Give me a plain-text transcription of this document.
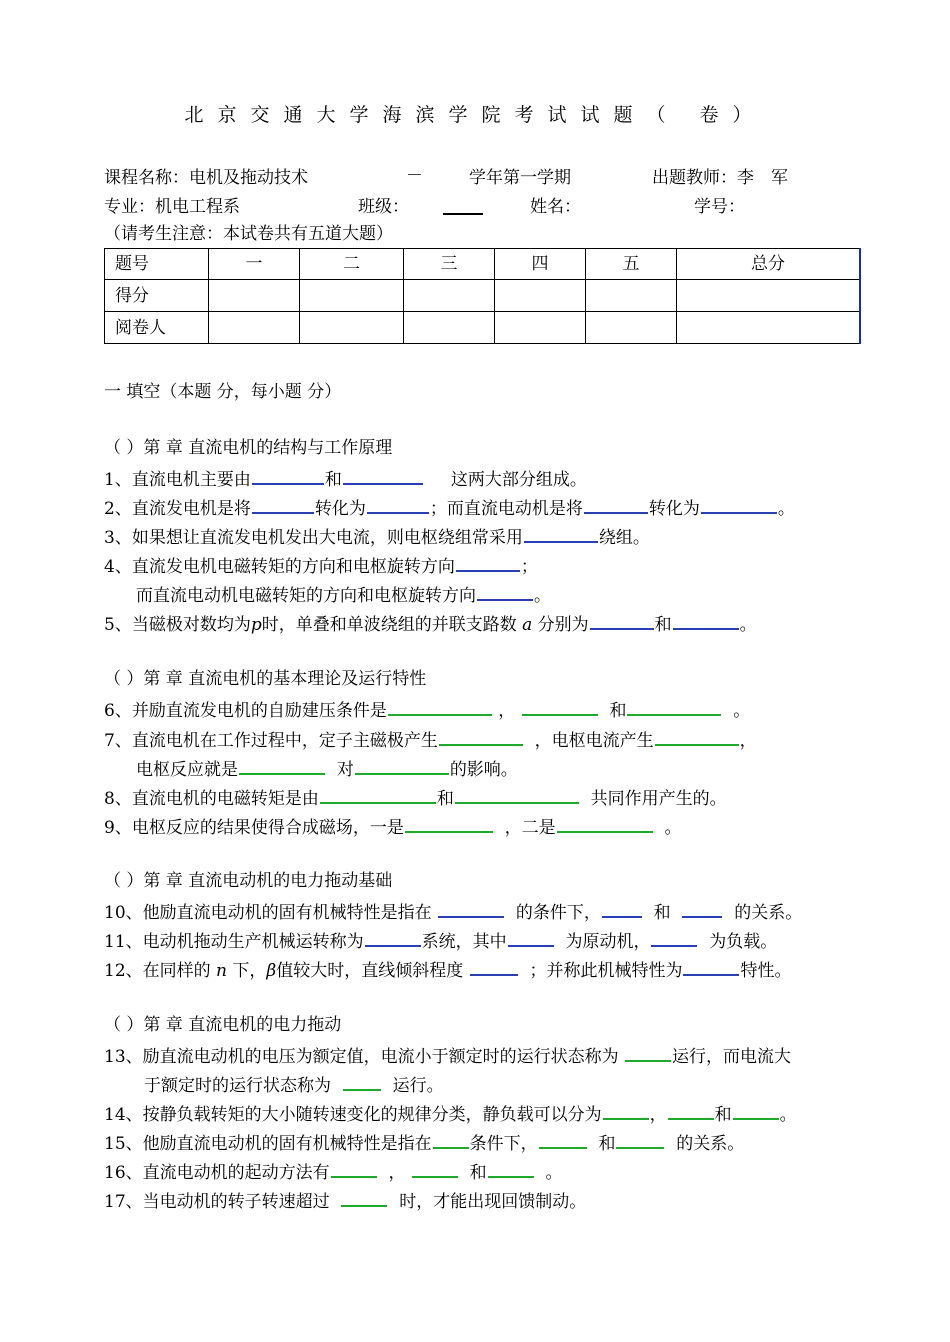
北京交通大学海滨学院考试试题（ 卷）
课程名称：电机及拖动技术	－	学年第一学期	出题教师：李　军
专业：机电工程系	班级：	姓名：	学号：
（请考生注意：本试卷共有五道大题）
题号	一	二	三	四	五	总分
得分						
阅卷人						
一 填空（本题 分，每小题 分）
（ ）第 章 直流电机的结构与工作原理
1、直流电机主要由	和	这两大部分组成。
2、直流发电机是将	转化为	；而直流电动机是将	转化为	。
3、如果想让直流发电机发出大电流，则电枢绕组常采用	绕组。
4、直流发电机电磁转矩的方向和电枢旋转方向	；
而直流电动机电磁转矩的方向和电枢旋转方向	。
5、当磁极对数均为p时，单叠和单波绕组的并联支路数 a 分别为	和	。
（ ）第 章 直流电机的基本理论及运行特性
6、并励直流发电机的自励建压条件是	，	和	。
7、直流电机在工作过程中，定子主磁极产生	，电枢电流产生	，
电枢反应就是	对	的影响。
8、直流电机的电磁转矩是由	和	共同作用产生的。
9、电枢反应的结果使得合成磁场，一是	，二是	。
（ ）第 章 直流电动机的电力拖动基础
10、他励直流电动机的固有机械特性是指在	的条件下，	和	的关系。
11、电动机拖动生产机械运转称为	系统，其中	为原动机，	为负载。
12、在同样的 n 下，β值较大时，直线倾斜程度	；并称此机械特性为	特性。
（ ）第 章 直流电机的电力拖动
13、励直流电动机的电压为额定值，电流小于额定时的运行状态称为	运行，而电流大
于额定时的运行状态称为	运行。
14、按静负载转矩的大小随转速变化的规律分类，静负载可以分为	，	和	。
15、他励直流电动机的固有机械特性是指在 条件下，	和	的关系。
16、直流电动机的起动方法有	，	和	。
17、当电动机的转子转速超过	时，才能出现回馈制动。
